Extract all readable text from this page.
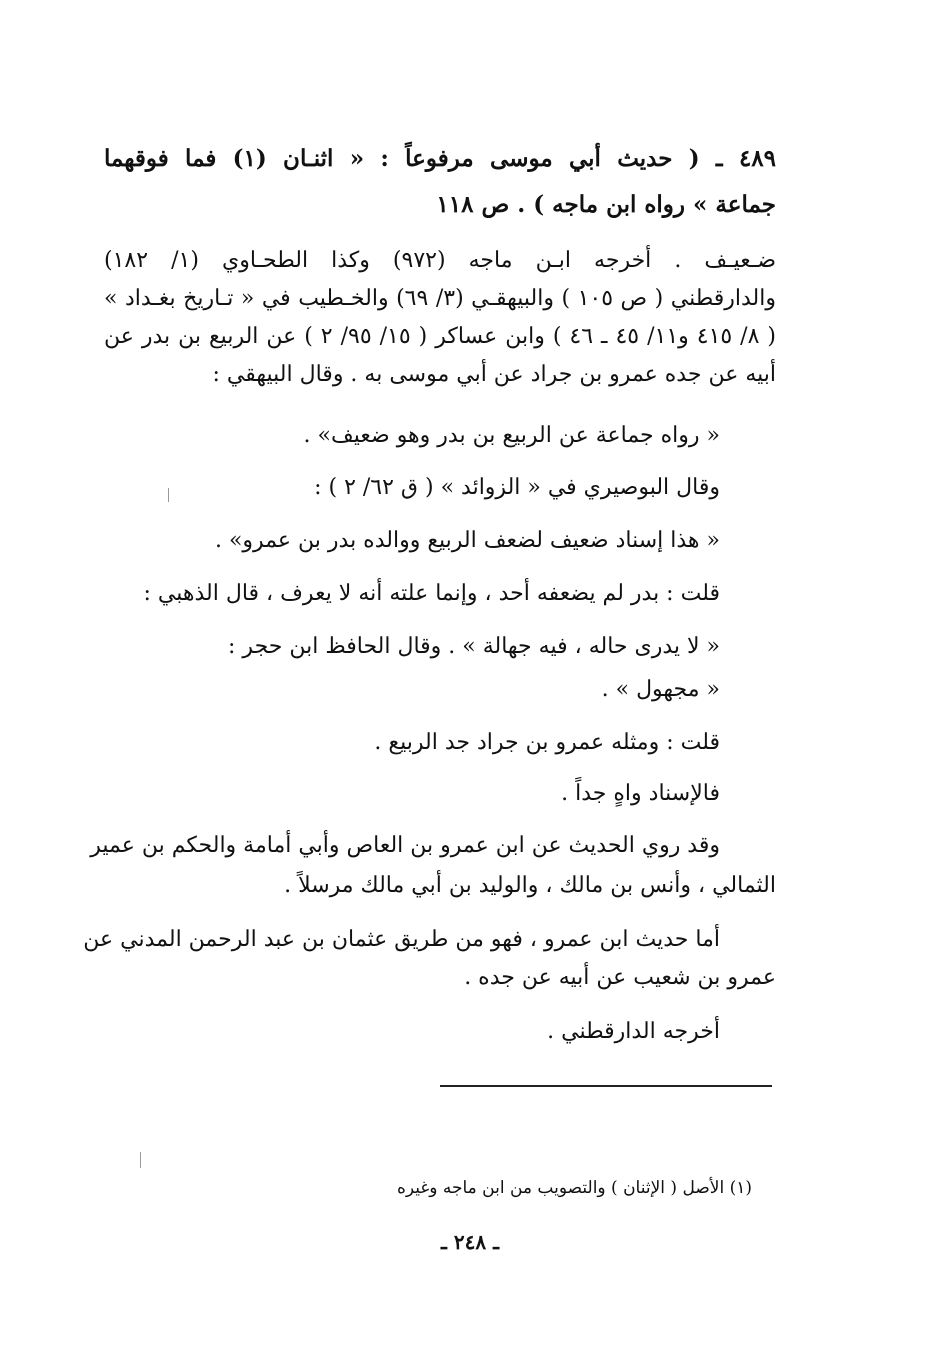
٤٨٩ ـ ( حديث أبي موسى مرفوعاً : « اثنـان (١) فما فوقهما

جماعة » رواه ابن ماجه ) . ص ١١٨

ضـعيـف . أخرجه ابـن ماجه (٩٧٢) وكذا الطحـاوي (١/ ١٨٢)

والدارقطني ( ص ١٠٥ ) والبيهقـي (٣/ ٦٩) والخـطيب في « تـاريخ بغـداد »

( ٨/ ٤١٥ و١١/ ٤٥ ـ ٤٦ ) وابن عساكر ( ١٥/ ٩٥/ ٢ ) عن الربيع بن بدر عن

أبيه عن جده عمرو بن جراد عن أبي موسى به . وقال البيهقي :

« رواه جماعة عن الربيع بن بدر وهو ضعيف» .

وقال البوصيري في « الزوائد » ( ق ٦٢/ ٢ ) :

« هذا إسناد ضعيف لضعف الربيع ووالده بدر بن عمرو» .

قلت : بدر لم يضعفه أحد ، وإنما علته أنه لا يعرف ، قال الذهبي :

« لا يدرى حاله ، فيه جهالة » . وقال الحافظ ابن حجر :

« مجهول » .

قلت : ومثله عمرو بن جراد جد الربيع .

فالإسناد واهٍ جداً .

وقد روي الحديث عن ابن عمرو بن العاص وأبي أمامة والحكم بن عمير

الثمالي ، وأنس بن مالك ، والوليد بن أبي مالك مرسلاً .

أما حديث ابن عمرو ، فهو من طريق عثمان بن عبد الرحمن المدني عن

عمرو بن شعيب عن أبيه عن جده .

أخرجه الدارقطني .

(١) الأصل ( الإثنان ) والتصويب من ابن ماجه وغيره

ـ ٢٤٨ ـ
